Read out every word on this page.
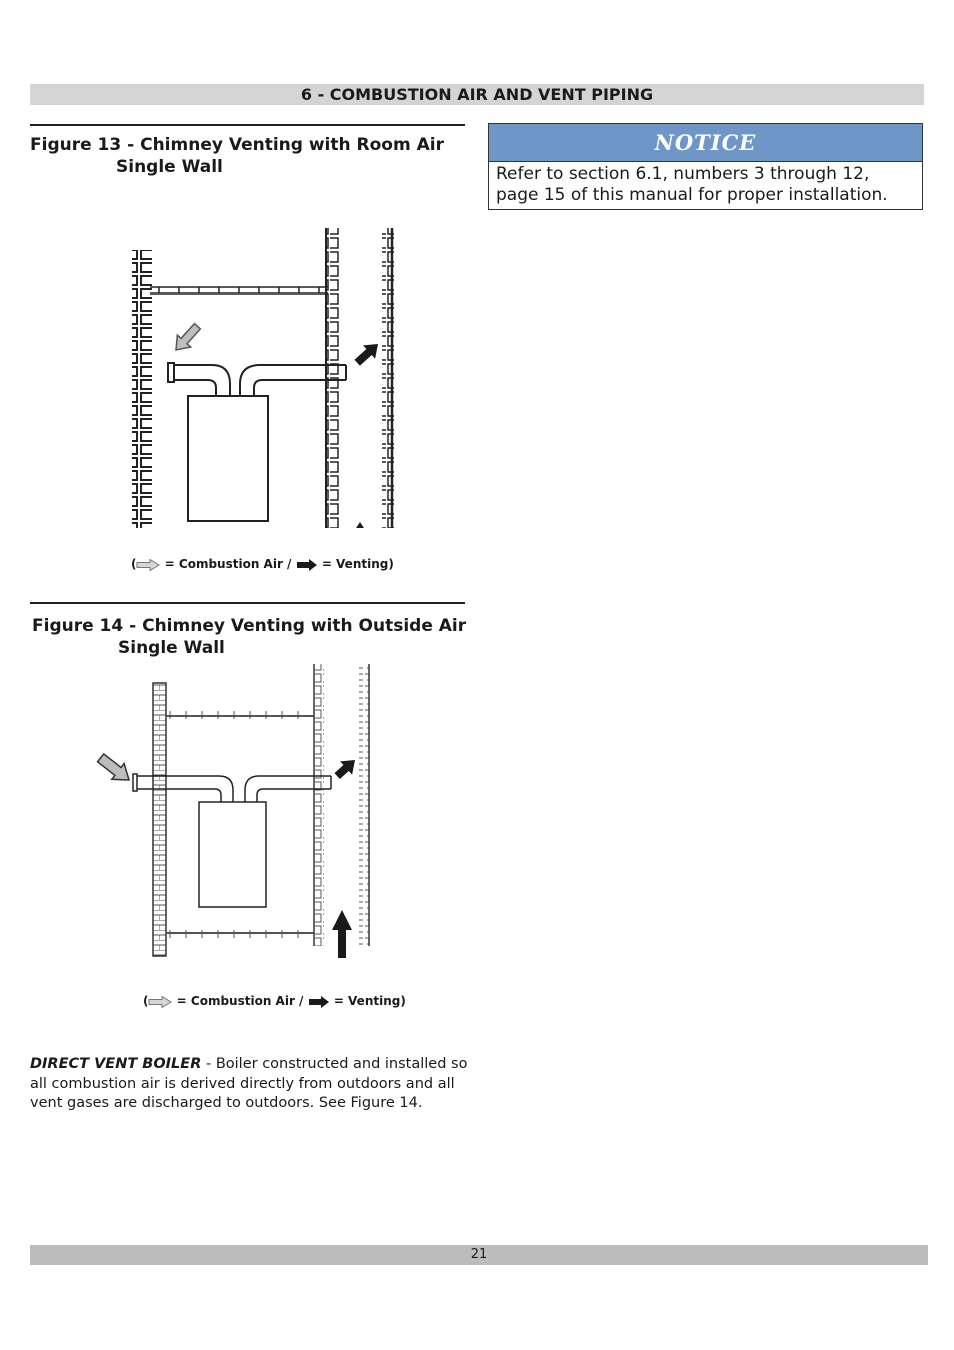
6 - COMBUSTION AIR AND VENT PIPING
Figure 13 - Chimney Venting with Room Air
Single Wall
( = Combustion Air /	= Venting)
Figure 14 - Chimney Venting with Outside Air
Single Wall
( = Combustion Air /	= Venting)
NOTICE
Refer to section 6.1, numbers 3 through 12, page 15 of this manual for proper installation.
DIRECT VENT BOILER - Boiler constructed and installed so all combustion air is derived directly from outdoors and all vent gases are discharged to outdoors. See Figure 14.
21
